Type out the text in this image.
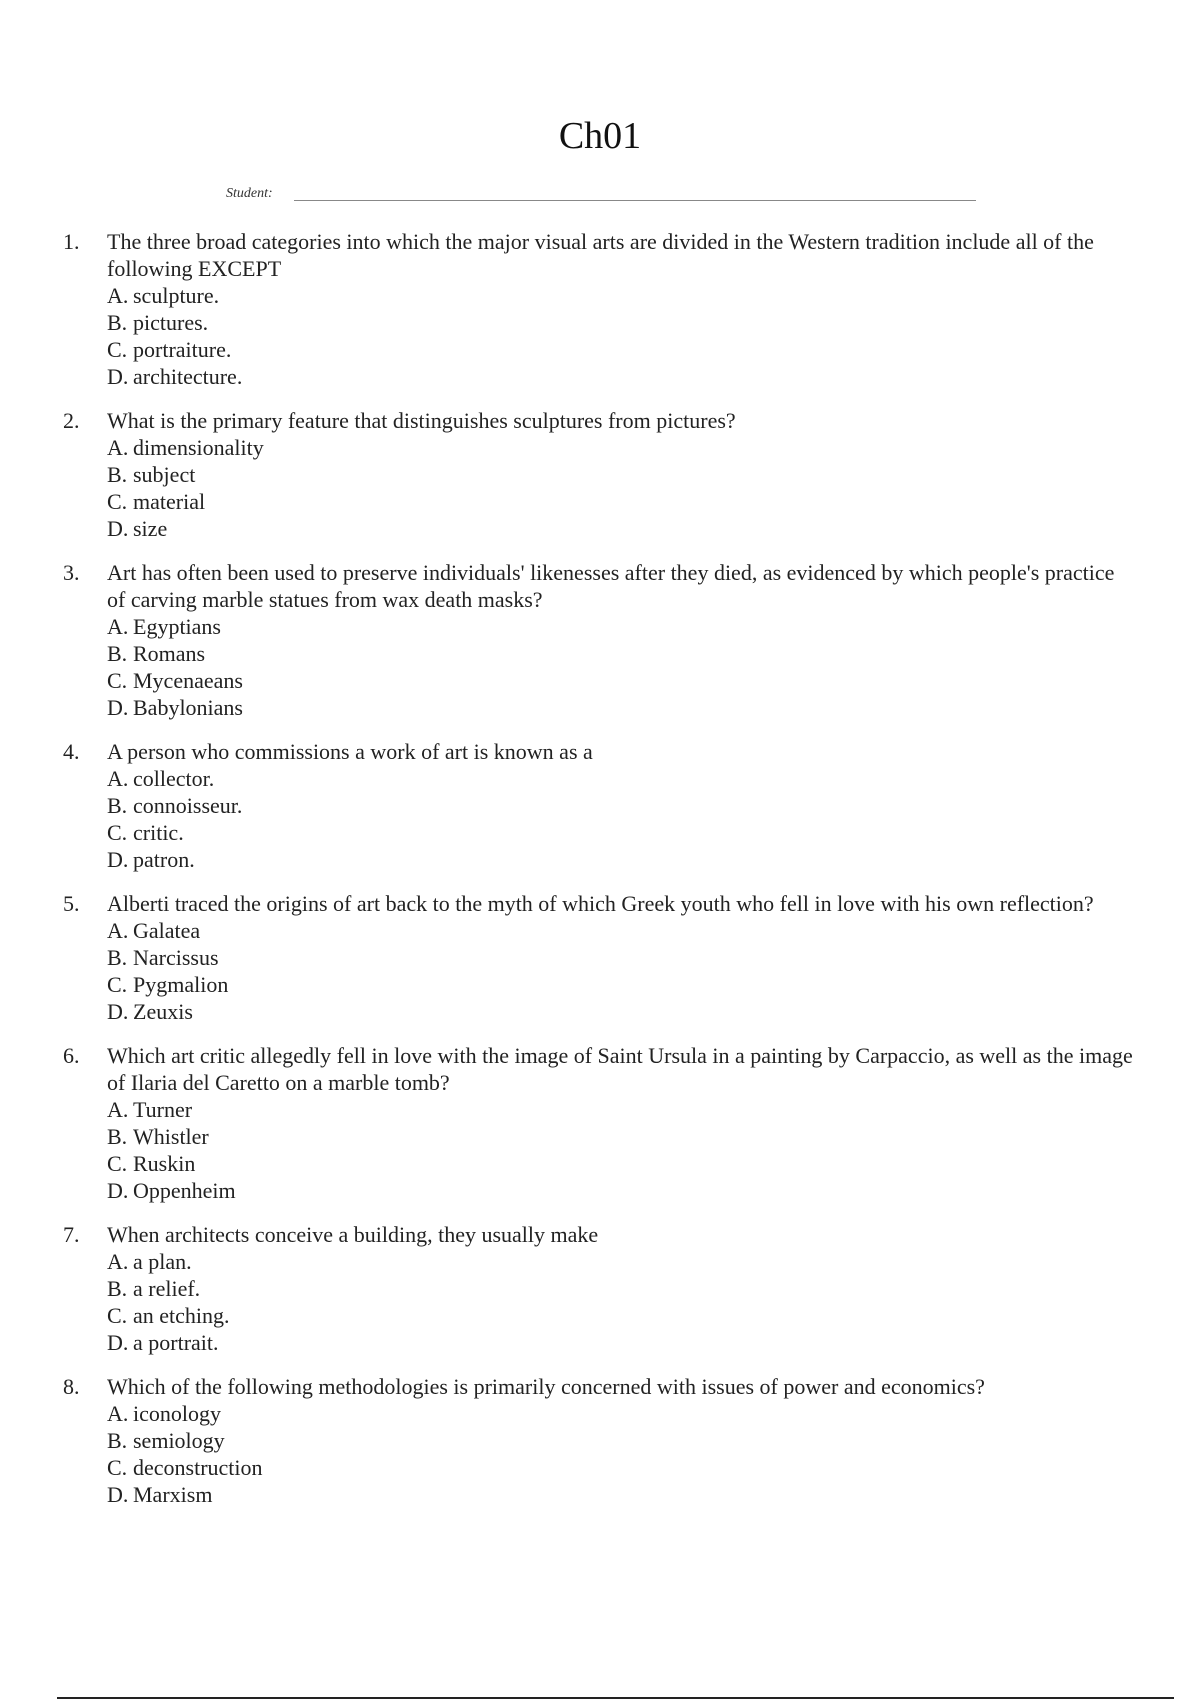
Ch01
Student:
1. The three broad categories into which the major visual arts are divided in the Western tradition include all of the following EXCEPT
A. sculpture.
B. pictures.
C. portraiture.
D. architecture.
2. What is the primary feature that distinguishes sculptures from pictures?
A. dimensionality
B. subject
C. material
D. size
3. Art has often been used to preserve individuals' likenesses after they died, as evidenced by which people's practice of carving marble statues from wax death masks?
A. Egyptians
B. Romans
C. Mycenaeans
D. Babylonians
4. A person who commissions a work of art is known as a
A. collector.
B. connoisseur.
C. critic.
D. patron.
5. Alberti traced the origins of art back to the myth of which Greek youth who fell in love with his own reflection?
A. Galatea
B. Narcissus
C. Pygmalion
D. Zeuxis
6. Which art critic allegedly fell in love with the image of Saint Ursula in a painting by Carpaccio, as well as the image of Ilaria del Caretto on a marble tomb?
A. Turner
B. Whistler
C. Ruskin
D. Oppenheim
7. When architects conceive a building, they usually make
A. a plan.
B. a relief.
C. an etching.
D. a portrait.
8. Which of the following methodologies is primarily concerned with issues of power and economics?
A. iconology
B. semiology
C. deconstruction
D. Marxism
